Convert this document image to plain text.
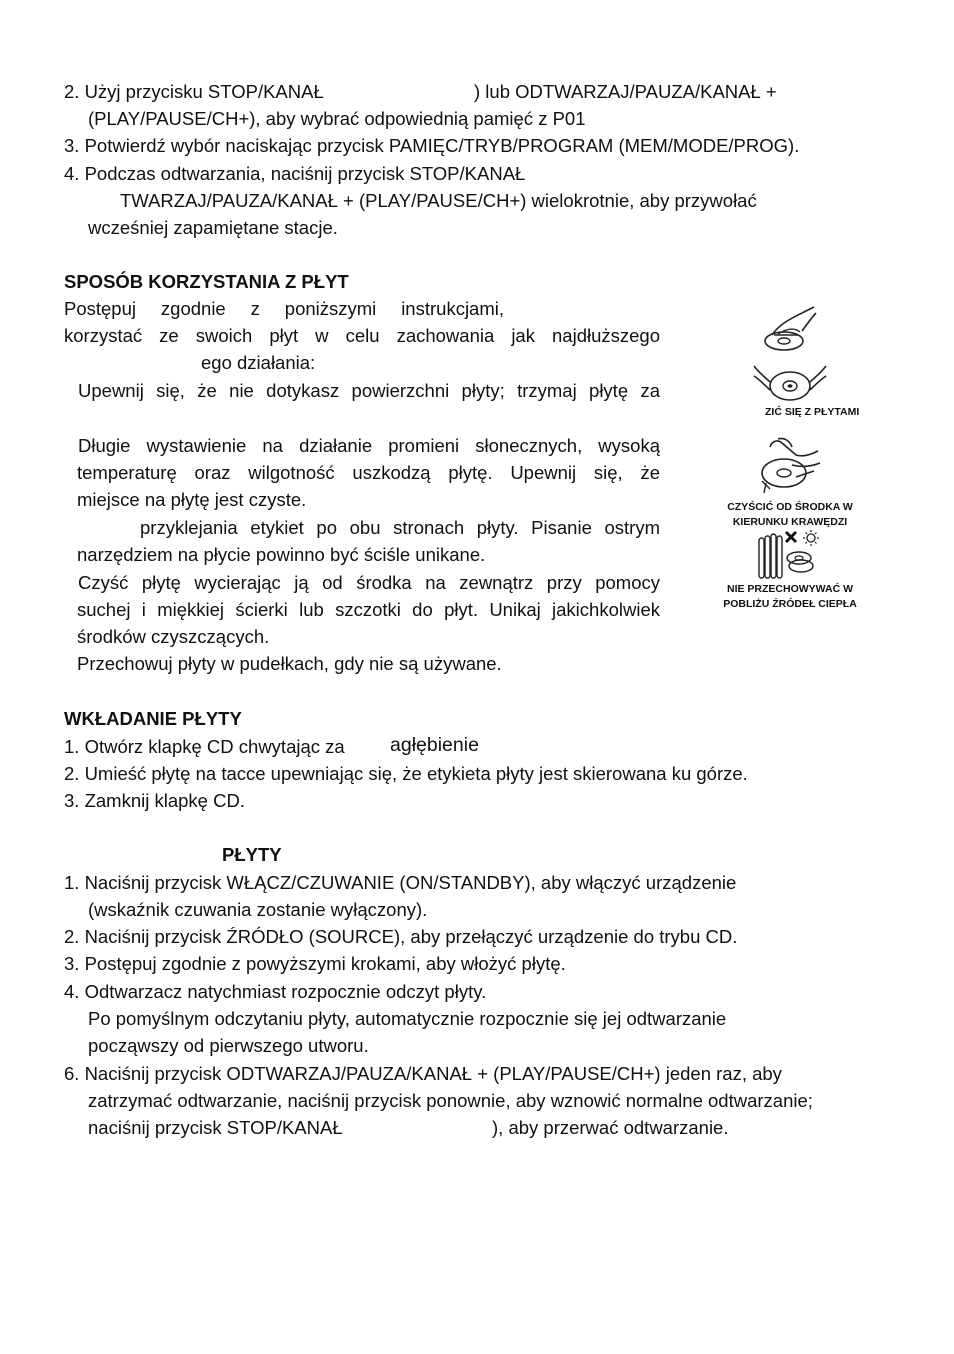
2. Użyj przycisku STOP/KANAŁ	) lub ODTWARZAJ/PAUZA/KANAŁ +
(PLAY/PAUSE/CH+), aby wybrać odpowiednią pamięć z P01
3. Potwierdź wybór naciskając przycisk PAMIĘC/TRYB/PROGRAM (MEM/MODE/PROG).
4. Podczas odtwarzania, naciśnij przycisk STOP/KANAŁ
TWARZAJ/PAUZA/KANAŁ + (PLAY/PAUSE/CH+) wielokrotnie, aby przywołać
wcześniej zapamiętane stacje.
SPOSÓB KORZYSTANIA Z PŁYT
Postępuj zgodnie z poniższymi instrukcjami,
korzystać ze swoich płyt w celu zachowania jak najdłuższego
ego działania:
Upewnij się, że nie dotykasz powierzchni płyty; trzymaj płytę za
Długie wystawienie na działanie promieni słonecznych, wysoką
temperaturę oraz wilgotność uszkodzą płytę. Upewnij się, że
miejsce na płytę jest czyste.
przyklejania etykiet po obu stronach płyty. Pisanie ostrym
narzędziem na płycie powinno być ściśle unikane.
Czyść płytę wycierając ją od środka na zewnątrz przy pomocy
suchej i miękkiej ścierki lub szczotki do płyt. Unikaj jakichkolwiek
środków czyszczących.
Przechowuj płyty w pudełkach, gdy nie są używane.
ZIĆ SIĘ Z PŁYTAMI
CZYŚCIĆ OD ŚRODKA W
KIERUNKU KRAWĘDZI
NIE PRZECHOWYWAĆ W
POBLIŻU ŹRÓDEŁ CIEPŁA
WKŁADANIE PŁYTY
1. Otwórz klapkę CD chwytając za agłębienie
2. Umieść płytę na tacce upewniając się, że etykieta płyty jest skierowana ku górze.
3. Zamknij klapkę CD.
PŁYTY
1. Naciśnij przycisk WŁĄCZ/CZUWANIE (ON/STANDBY), aby włączyć urządzenie
(wskaźnik czuwania zostanie wyłączony).
2. Naciśnij przycisk ŹRÓDŁO (SOURCE), aby przełączyć urządzenie do trybu CD.
3. Postępuj zgodnie z powyższymi krokami, aby włożyć płytę.
4. Odtwarzacz natychmiast rozpocznie odczyt płyty.
Po pomyślnym odczytaniu płyty, automatycznie rozpocznie się jej odtwarzanie
począwszy od pierwszego utworu.
6. Naciśnij przycisk ODTWARZAJ/PAUZA/KANAŁ + (PLAY/PAUSE/CH+) jeden raz, aby
zatrzymać odtwarzanie, naciśnij przycisk ponownie, aby wznowić normalne odtwarzanie;
naciśnij przycisk STOP/KANAŁ	), aby przerwać odtwarzanie.
